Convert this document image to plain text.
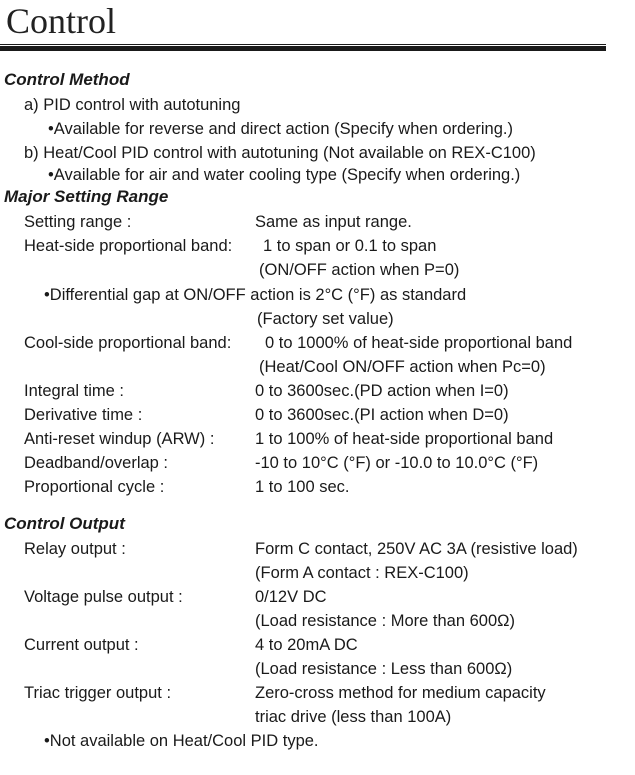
Control
Control Method
a) PID control with autotuning
•Available for reverse and direct action (Specify when ordering.)
b) Heat/Cool PID control with autotuning (Not available on REX-C100)
•Available for air and water cooling type (Specify when ordering.)
Major Setting Range
Setting range :	Same as input range.
Heat-side proportional band: 1 to span or 0.1 to span
(ON/OFF action when P=0)
•Differential gap at ON/OFF action is 2°C (°F) as standard
(Factory set value)
Cool-side proportional band: 0 to 1000% of heat-side proportional band
(Heat/Cool ON/OFF action when Pc=0)
Integral time :	0 to 3600sec.(PD action when I=0)
Derivative time :	0 to 3600sec.(PI action when D=0)
Anti-reset windup (ARW) : 1 to 100% of heat-side proportional band
Deadband/overlap :	-10 to 10°C (°F) or -10.0 to 10.0°C (°F)
Proportional cycle :	1 to 100 sec.
Control Output
Relay output :	Form C contact, 250V AC 3A (resistive load)
(Form A contact : REX-C100)
Voltage pulse output :	0/12V DC
(Load resistance : More than 600Ω)
Current output :	4 to 20mA DC
(Load resistance : Less than 600Ω)
Triac trigger output :	Zero-cross method for medium capacity
triac drive (less than 100A)
•Not available on Heat/Cool PID type.
